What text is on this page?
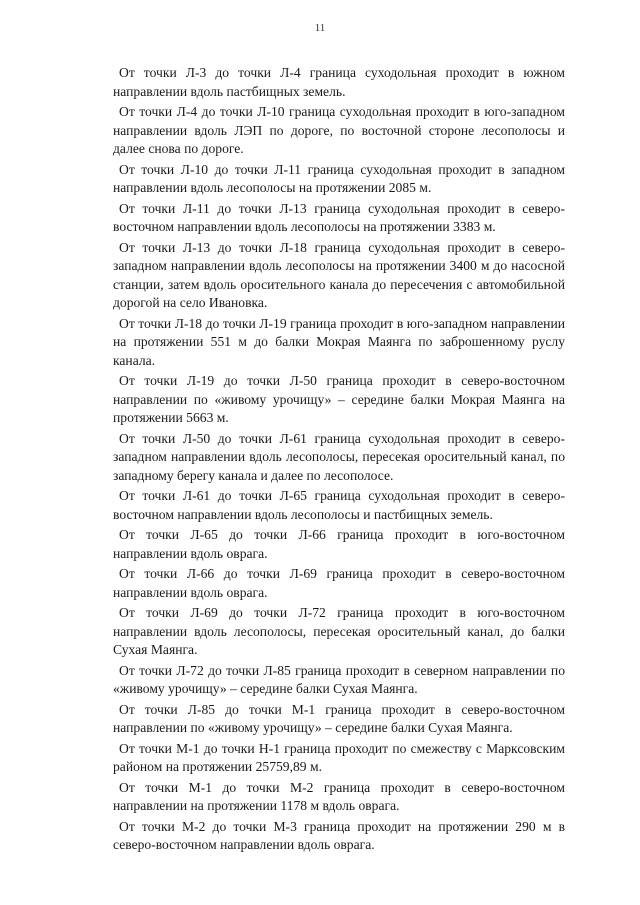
11

От точки Л-3 до точки Л-4 граница суходольная проходит в южном направлении вдоль пастбищных земель.

От точки Л-4 до точки Л-10 граница суходольная проходит в юго-западном направлении вдоль ЛЭП по дороге, по восточной стороне лесополосы и далее снова по дороге.

От точки Л-10 до точки Л-11 граница суходольная проходит в западном направлении вдоль лесополосы на протяжении 2085 м.

От точки Л-11 до точки Л-13 граница суходольная проходит в северо-восточном направлении вдоль лесополосы на протяжении 3383 м.

От точки Л-13 до точки Л-18 граница суходольная проходит в северо-западном направлении вдоль лесополосы на протяжении 3400 м до насосной станции, затем вдоль оросительного канала до пересечения с автомобильной дорогой на село Ивановка.

От точки Л-18 до точки Л-19 граница проходит в юго-западном направлении на протяжении 551 м до балки Мокрая Маянга по заброшенному руслу канала.

От точки Л-19 до точки Л-50 граница проходит в северо-восточном направлении по «живому урочищу» – середине балки Мокрая Маянга на протяжении 5663 м.

От точки Л-50 до точки Л-61 граница суходольная проходит в северо-западном направлении вдоль лесополосы, пересекая оросительный канал, по западному берегу канала и далее по лесополосе.

От точки Л-61 до точки Л-65 граница суходольная проходит в северо-восточном направлении вдоль лесополосы и пастбищных земель.

От точки Л-65 до точки Л-66 граница проходит в юго-восточном направлении вдоль оврага.

От точки Л-66 до точки Л-69 граница проходит в северо-восточном направлении вдоль оврага.

От точки Л-69 до точки Л-72 граница проходит в юго-восточном направлении вдоль лесополосы, пересекая оросительный канал, до балки Сухая Маянга.

От точки Л-72 до точки Л-85 граница проходит в северном направлении по «живому урочищу» – середине балки Сухая Маянга.

От точки Л-85 до точки М-1 граница проходит в северо-восточном направлении по «живому урочищу» – середине балки Сухая Маянга.

От точки М-1 до точки Н-1 граница проходит по смежеству с Марксовским районом на протяжении 25759,89 м.

От точки М-1 до точки М-2 граница проходит в северо-восточном направлении на протяжении 1178 м вдоль оврага.

От точки М-2 до точки М-3 граница проходит на протяжении 290 м в северо-восточном направлении вдоль оврага.
